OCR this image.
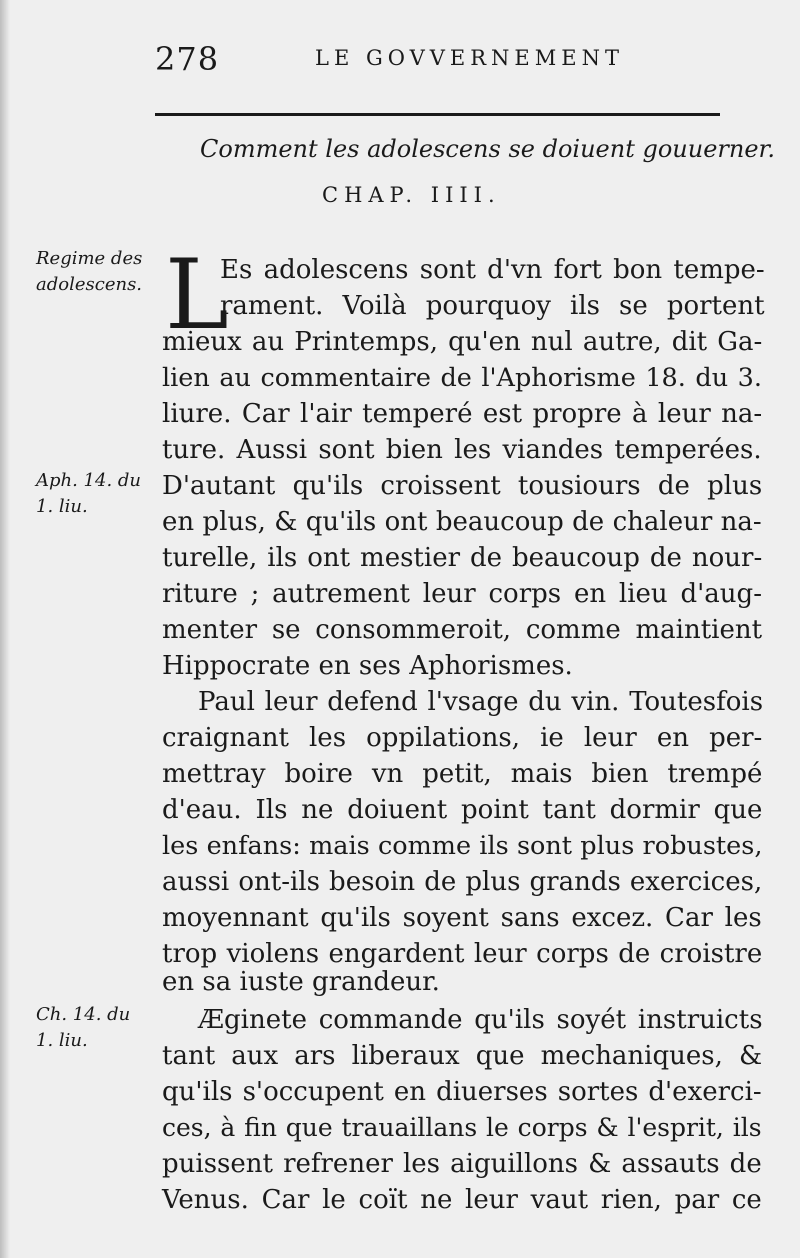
278	LE GOVVERNEMENT
Comment les adolescens se doiuent gouuerner.
CHAP. IIII.
Regime des
adolescens.
Aph. 14. du
1. liu.
Ch. 14. du
1. liu.
L
Es adolescens sont d'vn fort bon tempe-
rament. Voilà pourquoy ils se portent
mieux au Printemps, qu'en nul autre, dit Ga-
lien au commentaire de l'Aphorisme 18. du 3.
liure. Car l'air temperé est propre à leur na-
ture. Aussi sont bien les viandes temperées.
D'autant qu'ils croissent tousiours de plus
en plus, & qu'ils ont beaucoup de chaleur na-
turelle, ils ont mestier de beaucoup de nour-
riture ; autrement leur corps en lieu d'aug-
menter se consommeroit, comme maintient
Hippocrate en ses Aphorismes.
Paul leur defend l'vsage du vin. Toutesfois
craignant les oppilations, ie leur en per-
mettray boire vn petit, mais bien trempé
d'eau. Ils ne doiuent point tant dormir que
les enfans: mais comme ils sont plus robustes,
aussi ont-ils besoin de plus grands exercices,
moyennant qu'ils soyent sans excez. Car les
trop violens engardent leur corps de croistre
en sa iuste grandeur.
Æginete commande qu'ils soyét instruicts
tant aux ars liberaux que mechaniques, &
qu'ils s'occupent en diuerses sortes d'exerci-
ces, à fin que trauaillans le corps & l'esprit, ils
puissent refrener les aiguillons & assauts de
Venus. Car le coït ne leur vaut rien, par ce
